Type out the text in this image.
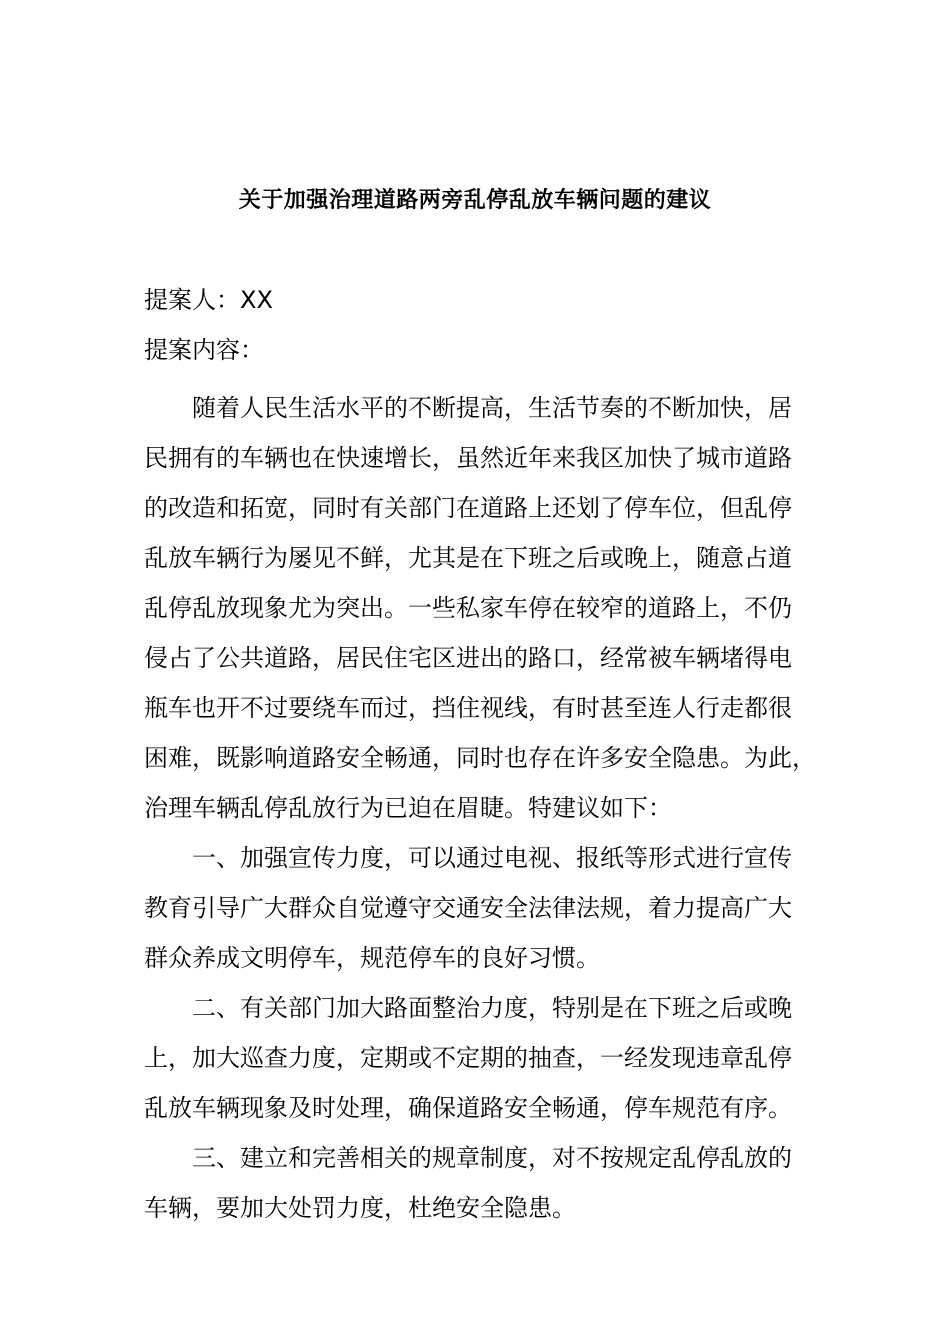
关于加强治理道路两旁乱停乱放车辆问题的建议
提案人：XX
提案内容：
随着人民生活水平的不断提高，生活节奏的不断加快，居
民拥有的车辆也在快速增长，虽然近年来我区加快了城市道路
的改造和拓宽，同时有关部门在道路上还划了停车位，但乱停
乱放车辆行为屡见不鲜，尤其是在下班之后或晚上，随意占道
乱停乱放现象尤为突出。一些私家车停在较窄的道路上，不仍
侵占了公共道路，居民住宅区进出的路口，经常被车辆堵得电
瓶车也开不过要绕车而过，挡住视线，有时甚至连人行走都很
困难，既影响道路安全畅通，同时也存在许多安全隐患。为此，
治理车辆乱停乱放行为已迫在眉睫。特建议如下：
一、加强宣传力度，可以通过电视、报纸等形式进行宣传
教育引导广大群众自觉遵守交通安全法律法规，着力提高广大
群众养成文明停车，规范停车的良好习惯。
二、有关部门加大路面整治力度，特别是在下班之后或晚
上，加大巡查力度，定期或不定期的抽查，一经发现违章乱停
乱放车辆现象及时处理，确保道路安全畅通，停车规范有序。
三、建立和完善相关的规章制度，对不按规定乱停乱放的
车辆，要加大处罚力度，杜绝安全隐患。
